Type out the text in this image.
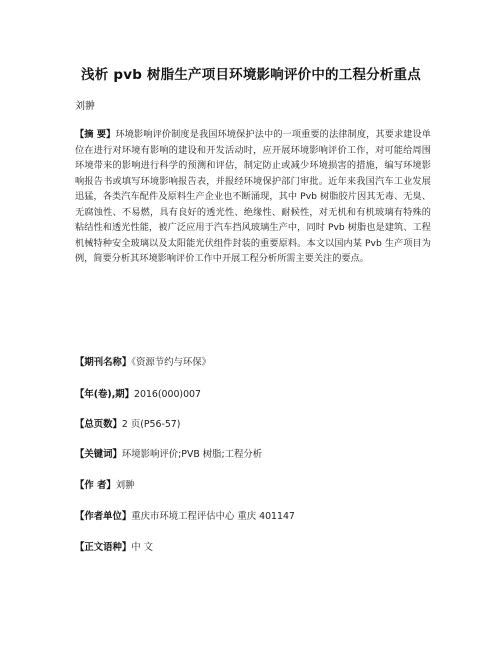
浅析 pvb 树脂生产项目环境影响评价中的工程分析重点
刘翀
【摘 要】环境影响评价制度是我国环境保护法中的一项重要的法律制度，其要求建设单位在进行对环境有影响的建设和开发活动时，应开展环境影响评价工作，对可能给周围环境带来的影响进行科学的预测和评估，制定防止或减少环境损害的措施，编写环境影响报告书或填写环境影响报告表，并报经环境保护部门审批。近年来我国汽车工业发展迅猛，各类汽车配件及原料生产企业也不断涌现，其中 Pvb 树脂胶片因其无毒、无臭、无腐蚀性、不易燃，具有良好的透光性、绝缘性、耐候性，对无机和有机玻璃有特殊的粘结性和透光性能，被广泛应用于汽车挡风玻璃生产中，同时 Pvb 树脂也是建筑、工程机械特种安全玻璃以及太阳能光伏组件封装的重要原料。本文以国内某 Pvb 生产项目为例，简要分析其环境影响评价工作中开展工程分析所需主要关注的要点。
【期刊名称】《资源节约与环保》
【年(卷),期】2016(000)007
【总页数】2 页(P56-57)
【关键词】环境影响评价;PVB 树脂;工程分析
【作 者】刘翀
【作者单位】重庆市环境工程评估中心 重庆 401147
【正文语种】中 文
